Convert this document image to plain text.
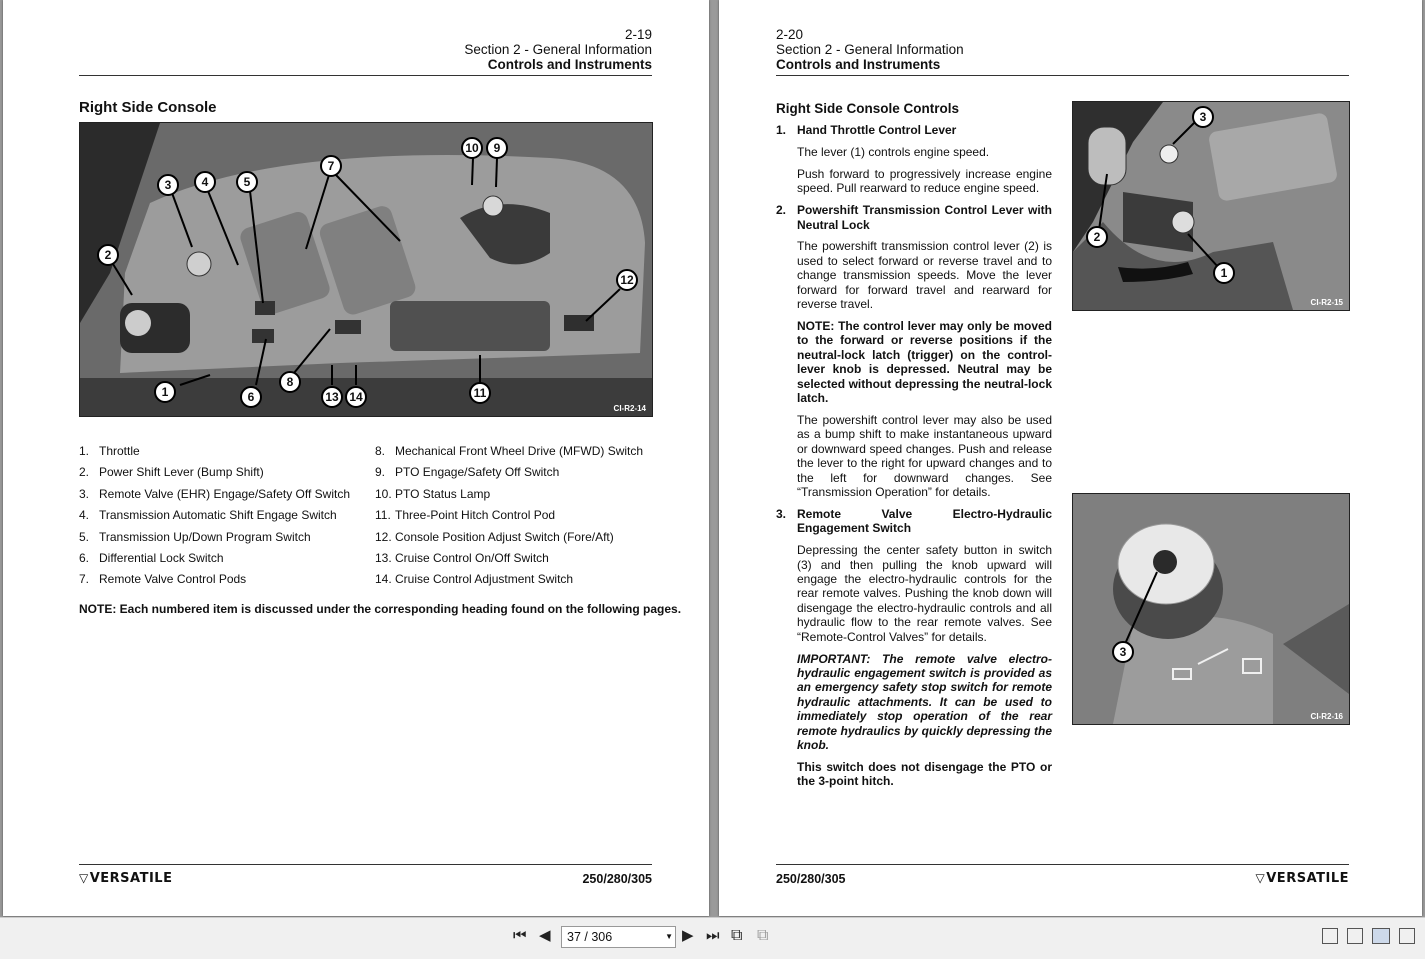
2-19
Section 2 - General Information
Controls and Instruments
Right Side Console
1
2
3	4	5
6
7
8
9
10
11
12
13 14
CI-R2-14
1. Throttle
2. Power Shift Lever (Bump Shift)
3. Remote Valve (EHR) Engage/Safety Off Switch
4. Transmission Automatic Shift Engage Switch
5. Transmission Up/Down Program Switch
6. Differential Lock Switch
7. Remote Valve Control Pods
8. Mechanical Front Wheel Drive (MFWD) Switch
9. PTO Engage/Safety Off Switch
10. PTO Status Lamp
11. Three-Point Hitch Control Pod
12. Console Position Adjust Switch (Fore/Aft)
13. Cruise Control On/Off Switch
14. Cruise Control Adjustment Switch
NOTE: Each numbered item is discussed under the corresponding heading found on the following pages.
▽VERSATILE	250/280/305
2-20
Section 2 - General Information
Controls and Instruments
Right Side Console Controls

1. Hand Throttle Control Lever

The lever (1) controls engine speed.

Push forward to progressively increase engine speed. Pull rearward to reduce engine speed.

2. Powershift Transmission Control Lever with Neutral Lock

The powershift transmission control lever (2) is used to select forward or reverse travel and to change transmission speeds. Move the lever forward for forward travel and rearward for reverse travel.

NOTE: The control lever may only be moved to the forward or reverse positions if the neutral-lock latch (trigger) on the control-lever knob is depressed. Neutral may be selected without depressing the neutral-lock latch.

The powershift control lever may also be used as a bump shift to make instantaneous upward or downward speed changes. Push and release the lever to the right for upward changes and to the left for downward changes. See “Transmission Operation” for details.

3. Remote Valve Electro-Hydraulic Engagement Switch

Depressing the center safety button in switch (3) and then pulling the knob upward will engage the electro-hydraulic controls for the rear remote valves. Pushing the knob down will disengage the electro-hydraulic controls and all hydraulic flow to the rear remote valves. See “Remote-Control Valves” for details.

IMPORTANT: The remote valve electro-hydraulic engagement switch is provided as an emergency safety stop switch for remote hydraulic attachments. It can be used to immediately stop operation of the rear remote hydraulics by quickly depressing the knob.

This switch does not disengage the PTO or the 3-point hitch.

3
2
1
CI-R2-15
3
CI-R2-16
250/280/305	▽VERSATILE
⏮ ◀	37 / 306	▼ ▶ ⏭ ⧉ ⧉
